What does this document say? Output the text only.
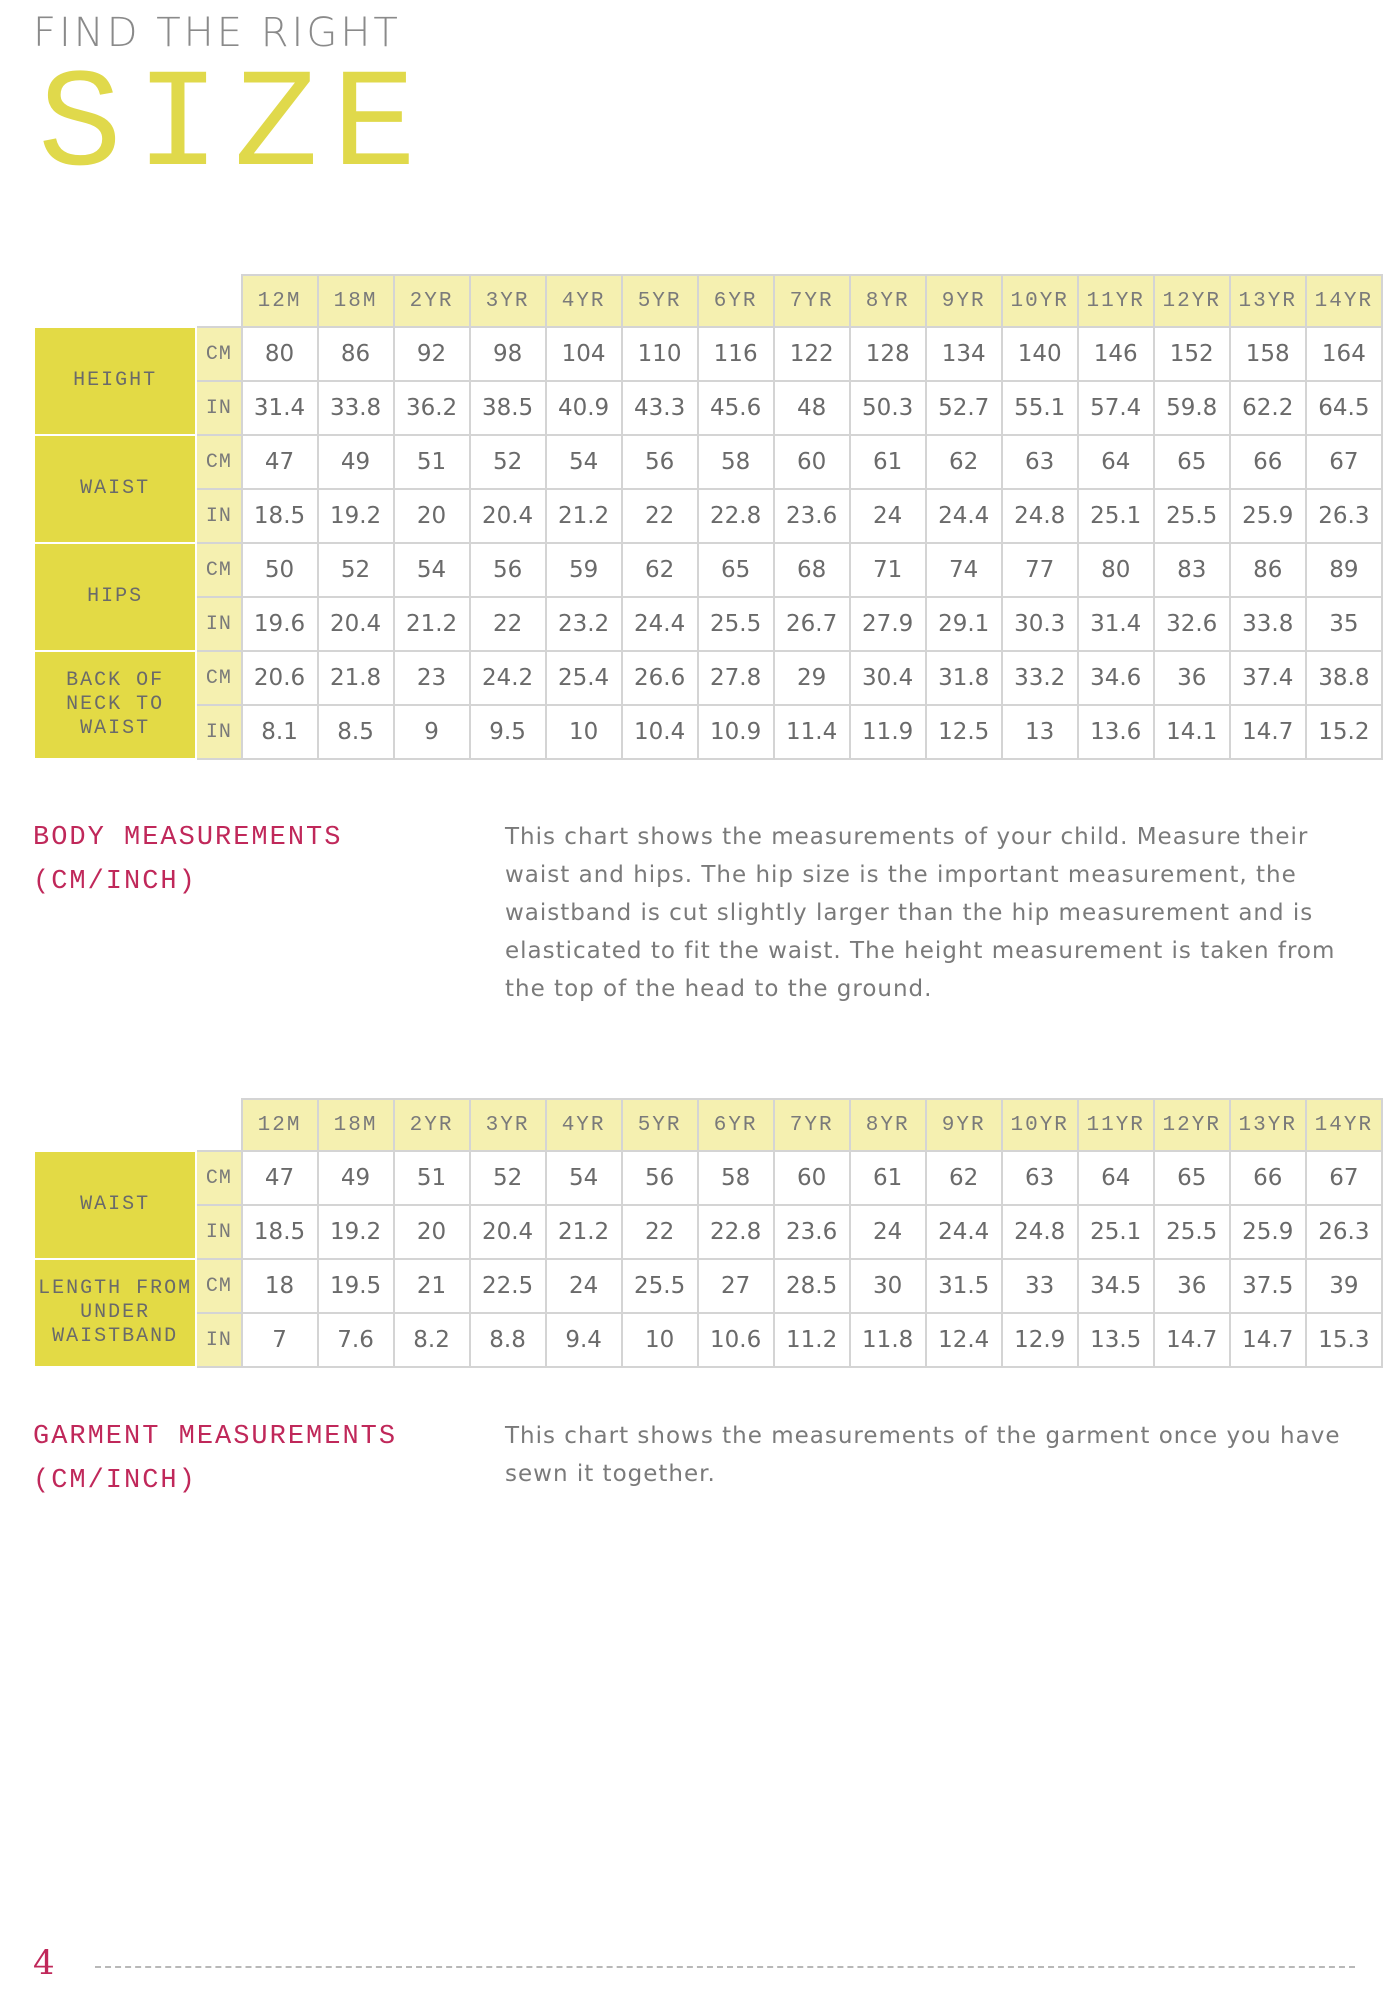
FIND THE RIGHT
SIZE
		12M	18M	2YR	3YR	4YR	5YR	6YR	7YR	8YR	9YR	10YR	11YR	12YR	13YR	14YR
HEIGHT	CM	80	86	92	98	104	110	116	122	128	134	140	146	152	158	164
	IN	31.4	33.8	36.2	38.5	40.9	43.3	45.6	48	50.3	52.7	55.1	57.4	59.8	62.2	64.5
WAIST	CM	47	49	51	52	54	56	58	60	61	62	63	64	65	66	67
	IN	18.5	19.2	20	20.4	21.2	22	22.8	23.6	24	24.4	24.8	25.1	25.5	25.9	26.3
HIPS	CM	50	52	54	56	59	62	65	68	71	74	77	80	83	86	89
	IN	19.6	20.4	21.2	22	23.2	24.4	25.5	26.7	27.9	29.1	30.3	31.4	32.6	33.8	35
BACK OF NECK TO WAIST	CM	20.6	21.8	23	24.2	25.4	26.6	27.8	29	30.4	31.8	33.2	34.6	36	37.4	38.8
	IN	8.1	8.5	9	9.5	10	10.4	10.9	11.4	11.9	12.5	13	13.6	14.1	14.7	15.2
BODY MEASUREMENTS
(CM/INCH)
This chart shows the measurements of your child. Measure their waist and hips. The hip size is the important measurement, the waistband is cut slightly larger than the hip measurement and is elasticated to fit the waist. The height measurement is taken from the top of the head to the ground.
		12M	18M	2YR	3YR	4YR	5YR	6YR	7YR	8YR	9YR	10YR	11YR	12YR	13YR	14YR
WAIST	CM	47	49	51	52	54	56	58	60	61	62	63	64	65	66	67
	IN	18.5	19.2	20	20.4	21.2	22	22.8	23.6	24	24.4	24.8	25.1	25.5	25.9	26.3
LENGTH FROM UNDER WAISTBAND	CM	18	19.5	21	22.5	24	25.5	27	28.5	30	31.5	33	34.5	36	37.5	39
	IN	7	7.6	8.2	8.8	9.4	10	10.6	11.2	11.8	12.4	12.9	13.5	14.7	14.7	15.3
GARMENT MEASUREMENTS
(CM/INCH)
This chart shows the measurements of the garment once you have sewn it together.
4
